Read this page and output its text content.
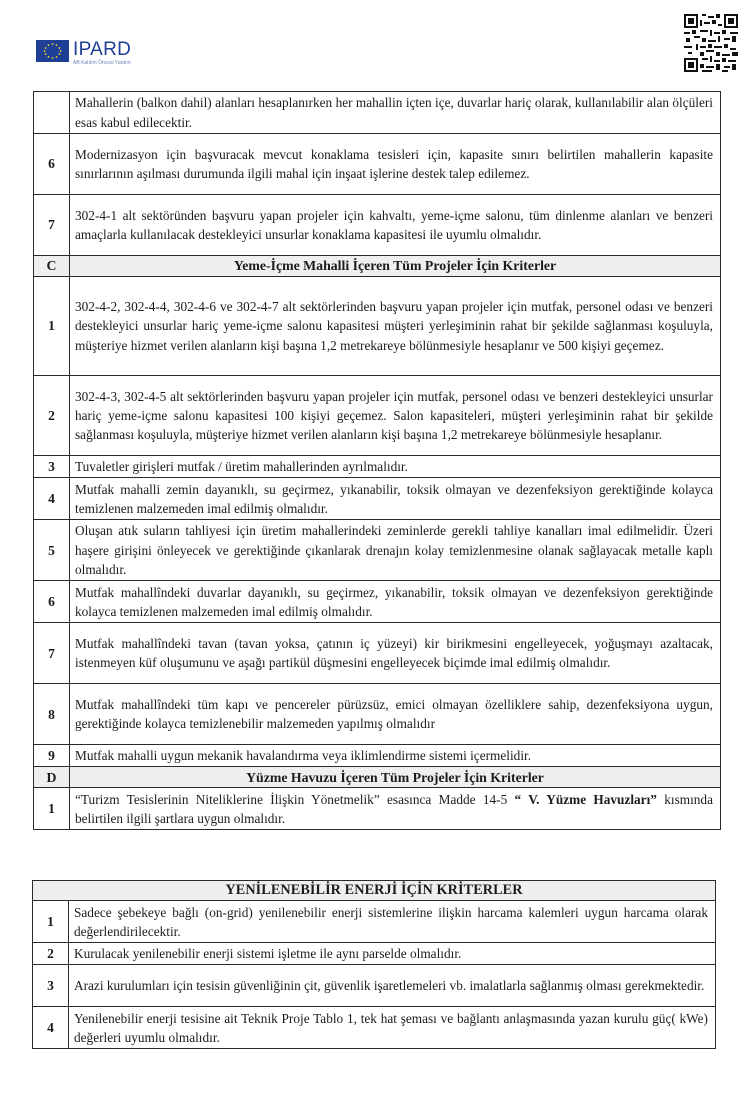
IPARD
AB Katılım Öncesi Yardım
	Mahallerin (balkon dahil) alanları hesaplanırken her mahallin içten içe, duvarlar hariç olarak, kullanılabilir alan ölçüleri esas kabul edilecektir.
6	Modernizasyon için başvuracak mevcut konaklama tesisleri için, kapasite sınırı belirtilen mahallerin kapasite sınırlarının aşılması durumunda ilgili mahal için inşaat işlerine destek talep edilemez.
7	302-4-1 alt sektöründen başvuru yapan projeler için kahvaltı, yeme-içme salonu, tüm dinlenme alanları ve benzeri amaçlarla kullanılacak destekleyici unsurlar konaklama kapasitesi ile uyumlu olmalıdır.
C	Yeme-İçme Mahalli İçeren Tüm Projeler İçin Kriterler
1	302-4-2, 302-4-4, 302-4-6 ve 302-4-7 alt sektörlerinden başvuru yapan projeler için mutfak, personel odası ve benzeri destekleyici unsurlar hariç yeme-içme salonu kapasitesi müşteri yerleşiminin rahat bir şekilde sağlanması koşuluyla, müşteriye hizmet verilen alanların kişi başına 1,2 metrekareye bölünmesiyle hesaplanır ve 500 kişiyi geçemez.
2	302-4-3, 302-4-5 alt sektörlerinden başvuru yapan projeler için mutfak, personel odası ve benzeri destekleyici unsurlar hariç yeme-içme salonu kapasitesi 100 kişiyi geçemez. Salon kapasiteleri, müşteri yerleşiminin rahat bir şekilde sağlanması koşuluyla, müşteriye hizmet verilen alanların kişi başına 1,2 metrekareye bölünmesiyle hesaplanır.
3	Tuvaletler girişleri mutfak / üretim mahallerinden ayrılmalıdır.
4	Mutfak mahalli zemin dayanıklı, su geçirmez, yıkanabilir, toksik olmayan ve dezenfeksiyon gerektiğinde kolayca temizlenen malzemeden imal edilmiş olmalıdır.
5	Oluşan atık suların tahliyesi için üretim mahallerindeki zeminlerde gerekli tahliye kanalları imal edilmelidir. Üzeri haşere girişini önleyecek ve gerektiğinde çıkanlarak drenajın kolay temizlenmesine olanak sağlayacak metalle kaplı olmalıdır.
6	Mutfak mahallîndeki duvarlar dayanıklı, su geçirmez, yıkanabilir, toksik olmayan ve dezenfeksiyon gerektiğinde kolayca temizlenen malzemeden imal edilmiş olmalıdır.
7	Mutfak mahallîndeki tavan (tavan yoksa, çatının iç yüzeyi) kir birikmesini engelleyecek, yoğuşmayı azaltacak, istenmeyen küf oluşumunu ve aşağı partikül düşmesini engelleyecek biçimde imal edilmiş olmalıdır.
8	Mutfak mahallîndeki tüm kapı ve pencereler pürüzsüz, emici olmayan özelliklere sahip, dezenfeksiyona uygun, gerektiğinde kolayca temizlenebilir malzemeden yapılmış olmalıdır
9	Mutfak mahalli uygun mekanik havalandırma veya iklimlendirme sistemi içermelidir.
D	Yüzme Havuzu İçeren Tüm Projeler İçin Kriterler
1	“Turizm Tesislerinin Niteliklerine İlişkin Yönetmelik” esasınca Madde 14-5 “ V. Yüzme Havuzları” kısmında belirtilen ilgili şartlara uygun olmalıdır.
YENİLENEBİLİR ENERJİ İÇİN KRİTERLER	
1	Sadece şebekeye bağlı (on-grid) yenilenebilir enerji sistemlerine ilişkin harcama kalemleri uygun harcama olarak değerlendirilecektir.
2	Kurulacak yenilenebilir enerji sistemi işletme ile aynı parselde olmalıdır.
3	Arazi kurulumları için tesisin güvenliğinin çit, güvenlik işaretlemeleri vb. imalatlarla sağlanmış olması gerekmektedir.
4	Yenilenebilir enerji tesisine ait Teknik Proje Tablo 1, tek hat şeması ve bağlantı anlaşmasında yazan kurulu güç( kWe) değerleri uyumlu olmalıdır.
